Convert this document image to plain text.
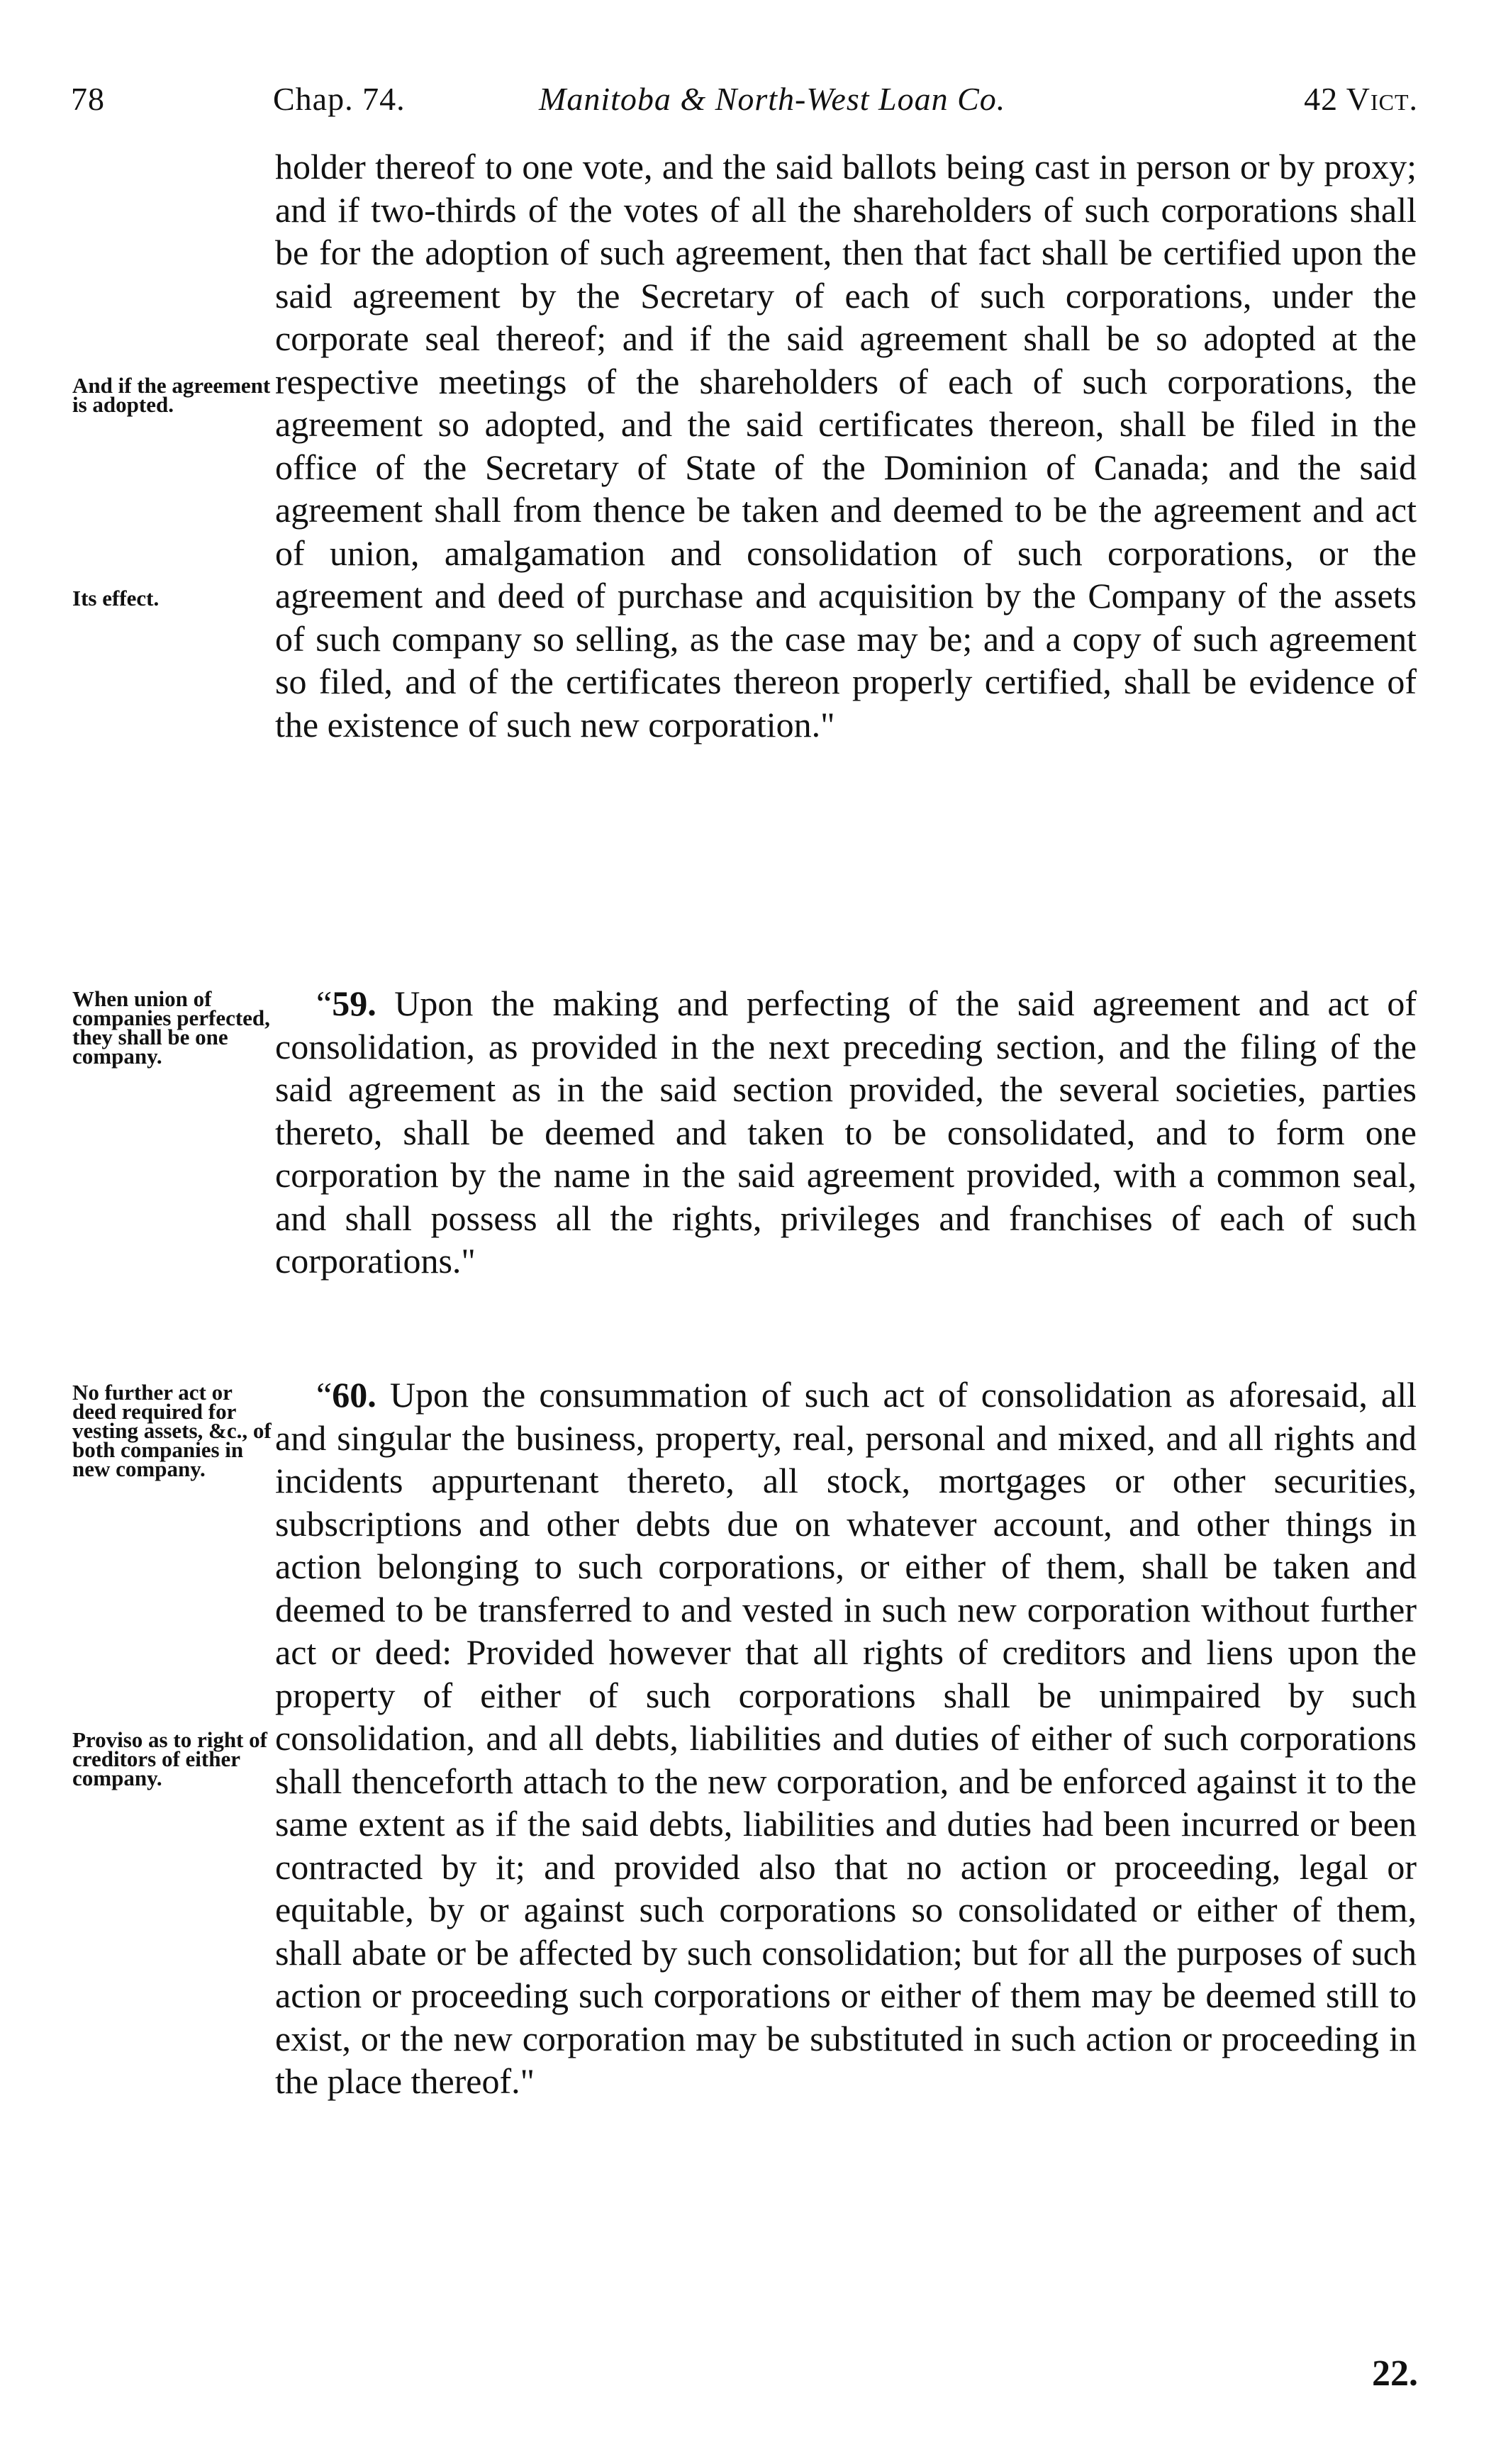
78	Chap. 74.	Manitoba & North-West Loan Co.	42 Vict.

holder thereof to one vote, and the said ballots being cast in person or by proxy; and if two-thirds of the votes of all the shareholders of such corporations shall be for the adoption of such agreement, then that fact shall be certified upon the said agreement by the Secretary of each of such corporations, under the corporate seal thereof; and if the said agreement shall be so adopted at the respective meetings of the shareholders of each of such corporations, the agreement so adopted, and the said certificates thereon, shall be filed in the office of the Secretary of State of the Dominion of Canada; and the said agreement shall from thence be taken and deemed to be the agreement and act of union, amalgamation and consolidation of such corporations, or the agreement and deed of purchase and acquisition by the Company of the assets of such company so selling, as the case may be; and a copy of such agreement so filed, and of the certificates thereon properly certified, shall be evidence of the existence of such new corporation."

“59. Upon the making and perfecting of the said agreement and act of consolidation, as provided in the next preceding section, and the filing of the said agreement as in the said section provided, the several societies, parties thereto, shall be deemed and taken to be consolidated, and to form one corporation by the name in the said agreement provided, with a common seal, and shall possess all the rights, privileges and franchises of each of such corporations."

“60. Upon the consummation of such act of consolidation as aforesaid, all and singular the business, property, real, personal and mixed, and all rights and incidents appurtenant thereto, all stock, mortgages or other securities, subscriptions and other debts due on whatever account, and other things in action belonging to such corporations, or either of them, shall be taken and deemed to be transferred to and vested in such new corporation without further act or deed: Provided however that all rights of creditors and liens upon the property of either of such corporations shall be unimpaired by such consolidation, and all debts, liabilities and duties of either of such corporations shall thenceforth attach to the new corporation, and be enforced against it to the same extent as if the said debts, liabilities and duties had been incurred or been contracted by it; and provided also that no action or proceeding, legal or equitable, by or against such corporations so consolidated or either of them, shall abate or be affected by such consolidation; but for all the purposes of such action or proceeding such corporations or either of them may be deemed still to exist, or the new corporation may be substituted in such action or proceeding in the place thereof."

And if the agreement is adopted.
Its effect.
When union of companies perfected, they shall be one company.
No further act or deed required for vesting assets, &c., of both companies in new company.
Proviso as to right of creditors of either company.
22.
